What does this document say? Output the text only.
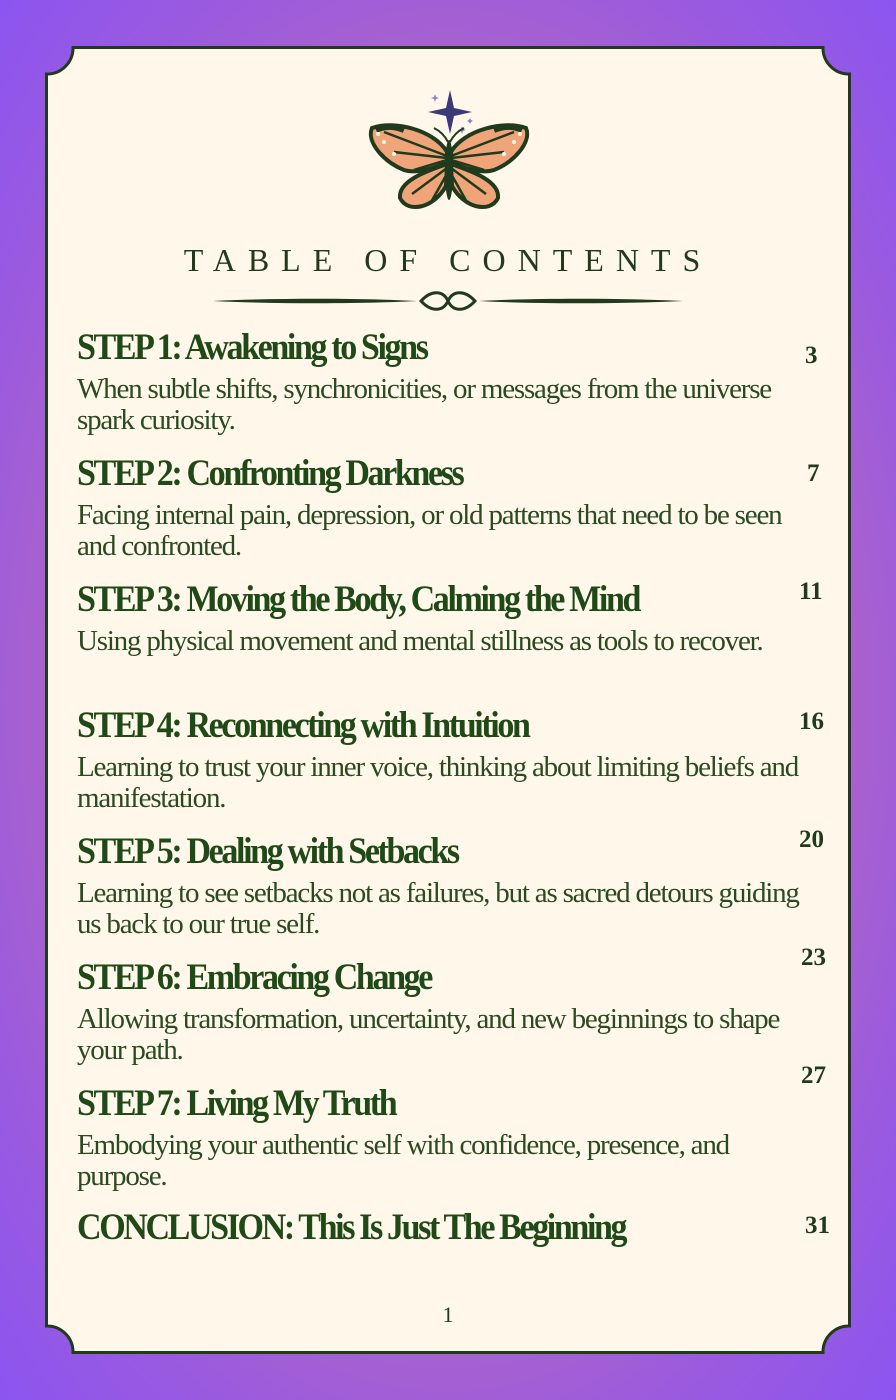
TABLE OF CONTENTS
STEP 1: Awakening to Signs
When subtle shifts, synchronicities, or messages from the universe spark curiosity.
3
STEP 2: Confronting Darkness
Facing internal pain, depression, or old patterns that need to be seen and confronted.
7
STEP 3: Moving the Body, Calming the Mind
Using physical movement and mental stillness as tools to recover.
11
STEP 4: Reconnecting with Intuition
Learning to trust your inner voice, thinking about limiting beliefs and manifestation.
16
STEP 5: Dealing with Setbacks
Learning to see setbacks not as failures, but as sacred detours guiding us back to our true self.
20
STEP 6: Embracing Change
Allowing transformation, uncertainty, and new beginnings to shape your path.
23
STEP 7: Living My Truth
Embodying your authentic self with confidence, presence, and purpose.
27
CONCLUSION: This Is Just The Beginning	31
1
